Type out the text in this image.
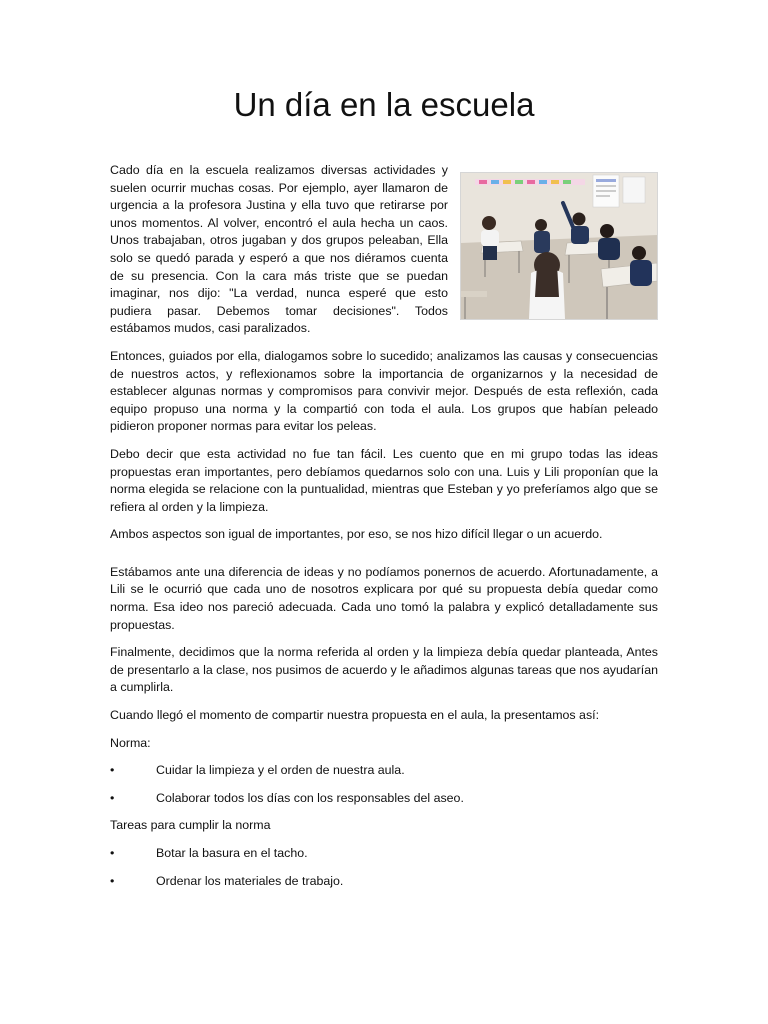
Un día en la escuela

Cado día en la escuela realizamos diversas actividades y suelen ocurrir muchas cosas. Por ejemplo, ayer llamaron de urgencia a la profesora Justina y ella tuvo que retirarse por unos momentos. Al volver, encontró el aula hecha un caos. Unos trabajaban, otros jugaban y dos grupos peleaban, Ella solo se quedó parada y esperó a que nos diéramos cuenta de su presencia. Con la cara más triste que se puedan imaginar, nos dijo: "La verdad, nunca esperé que esto pudiera pasar. Debemos tomar decisiones". Todos estábamos mudos, casi paralizados.

Entonces, guiados por ella, dialogamos sobre lo sucedido; analizamos las causas y consecuencias de nuestros actos, y reflexionamos sobre la importancia de organizarnos y la necesidad de establecer algunas normas y compromisos para convivir mejor. Después de esta reflexión, cada equipo propuso una norma y la compartió con toda el aula. Los grupos que habían peleado pidieron proponer normas para evitar los peleas.

Debo decir que esta actividad no fue tan fácil. Les cuento que en mi grupo todas las ideas propuestas eran importantes, pero debíamos quedarnos solo con una. Luis y Lili proponían que la norma elegida se relacione con la puntualidad, mientras que Esteban y yo preferíamos algo que se refiera al orden y la limpieza.

Ambos aspectos son igual de importantes, por eso, se nos hizo difícil llegar o un acuerdo.

Estábamos ante una diferencia de ideas y no podíamos ponernos de acuerdo. Afortunadamente, a Lili se le ocurrió que cada uno de nosotros explicara por qué su propuesta debía quedar como norma. Esa ideo nos pareció adecuada. Cada uno tomó la palabra y explicó detalladamente sus propuestas.

Finalmente, decidimos que la norma referida al orden y la limpieza debía quedar planteada, Antes de presentarlo a la clase, nos pusimos de acuerdo y le añadimos algunas tareas que nos ayudarían a cumplirla.

Cuando llegó el momento de compartir nuestra propuesta en el aula, la presentamos así:

Norma:

•	Cuidar la limpieza y el orden de nuestra aula.
•	Colaborar todos los días con los responsables del aseo.

Tareas para cumplir la norma

•	Botar la basura en el tacho.
•	Ordenar los materiales de trabajo.
